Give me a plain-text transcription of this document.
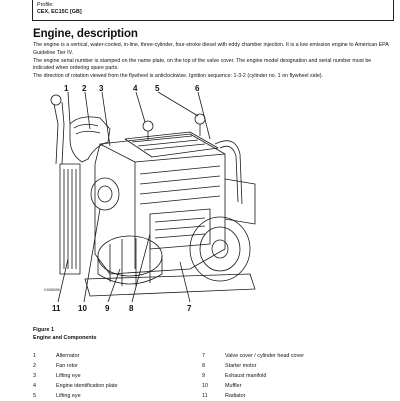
Profile:
CEX, EC15C [GB]
Engine, description

The engine is a vertical, water-cooled, in-line, three-cylinder, four-stroke diesel with eddy chamber injection. It is a low emission engine to American EPA Guideline Tier IV.

The engine serial number is stamped on the name plate, on the top of the valve cover. The engine model designation and serial number must be indicated when ordering spare parts.

The direction of rotation viewed from the flywheel is anticlockwise. Ignition sequence: 1-3-2 (cylinder no. 1 on flywheel side).

1 2 3	4 5	6
11 10 9 8	7
V1065005
Figure 1
Engine and Components
1	Alternator
2	Fan rotor
3	Lifting eye
4	Engine identification plate
5	Lifting eye
7	Valve cover / cylinder head cover
8	Starter motor
9	Exhaust manifold
10	Muffler
11	Radiator
